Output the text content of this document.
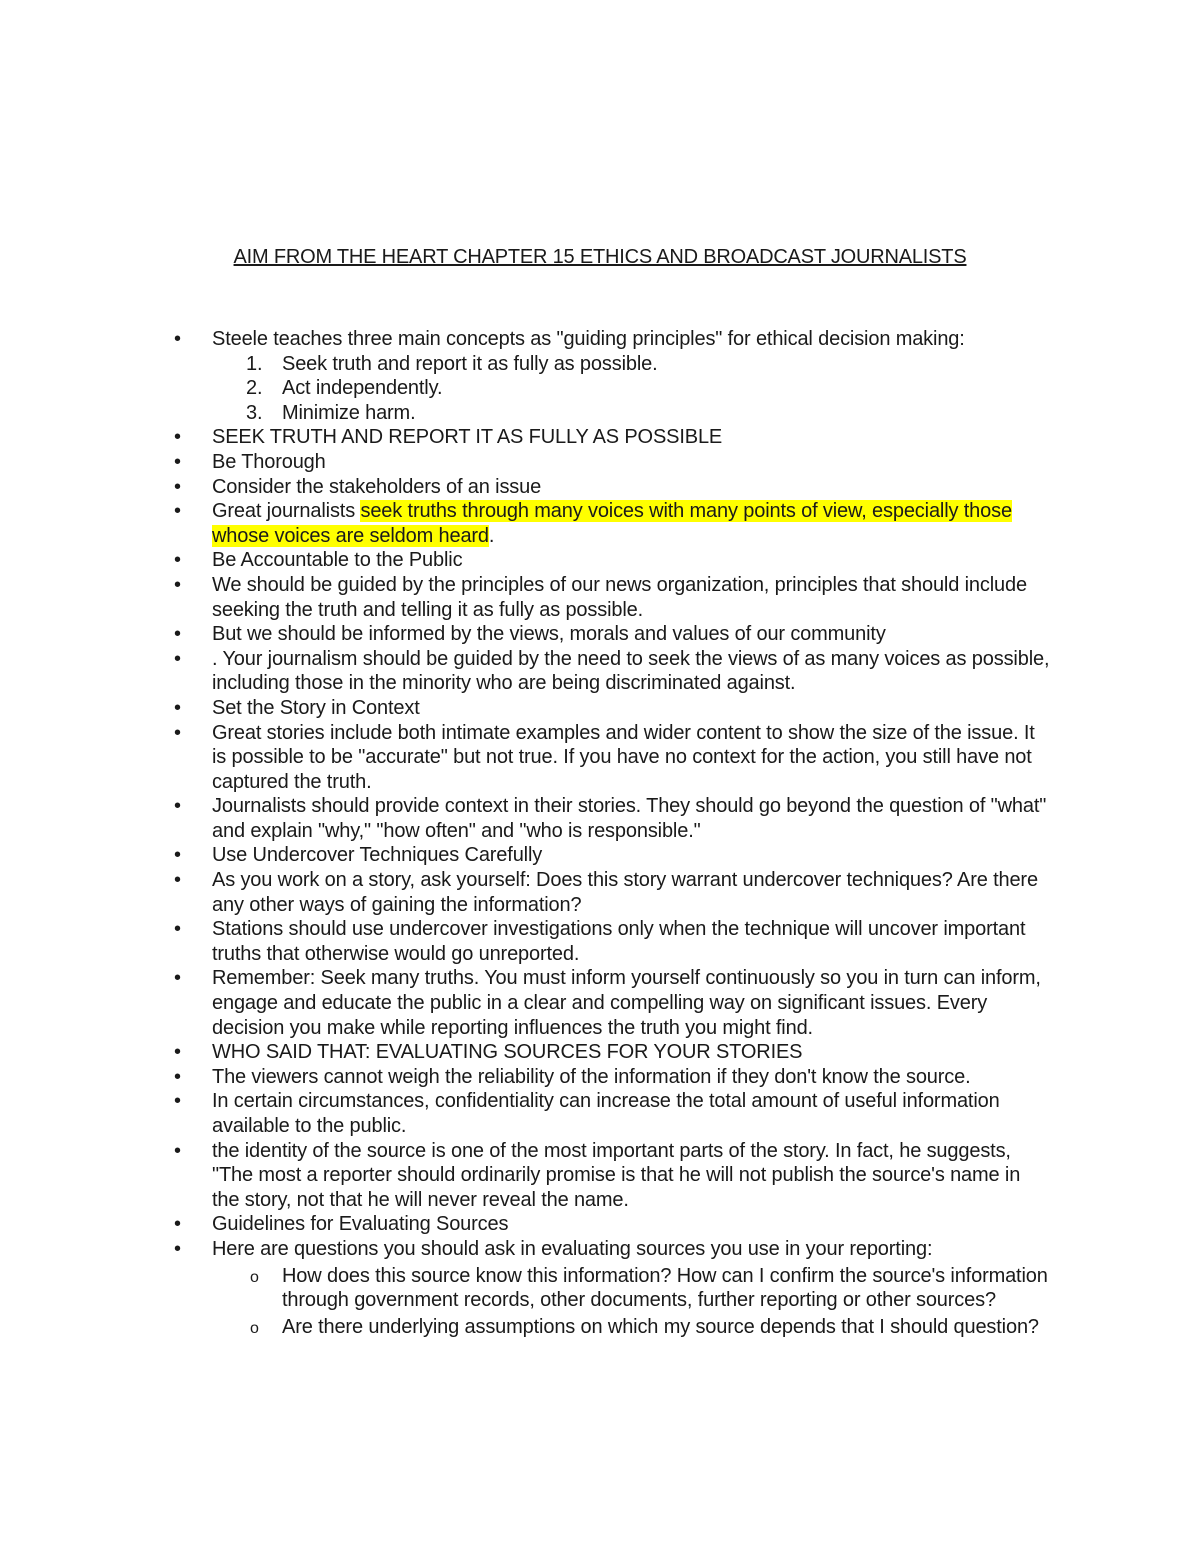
AIM FROM THE HEART CHAPTER 15 ETHICS AND BROADCAST JOURNALISTS
•	Steele teaches three main concepts as "guiding principles" for ethical decision making:
1. Seek truth and report it as fully as possible.
2. Act independently.
3. Minimize harm.
•	SEEK TRUTH AND REPORT IT AS FULLY AS POSSIBLE
•	Be Thorough
•	Consider the stakeholders of an issue
•	Great journalists seek truths through many voices with many points of view, especially those whose voices are seldom heard.
•	Be Accountable to the Public
•	We should be guided by the principles of our news organization, principles that should include seeking the truth and telling it as fully as possible.
•	But we should be informed by the views, morals and values of our community
•	. Your journalism should be guided by the need to seek the views of as many voices as possible, including those in the minority who are being discriminated against.
•	Set the Story in Context
•	Great stories include both intimate examples and wider content to show the size of the issue. It is possible to be "accurate" but not true. If you have no context for the action, you still have not captured the truth.
•	Journalists should provide context in their stories. They should go beyond the question of "what" and explain "why," "how often" and "who is responsible."
•	Use Undercover Techniques Carefully
•	As you work on a story, ask yourself: Does this story warrant undercover techniques? Are there any other ways of gaining the information?
•	Stations should use undercover investigations only when the technique will uncover important truths that otherwise would go unreported.
•	Remember: Seek many truths. You must inform yourself continuously so you in turn can inform, engage and educate the public in a clear and compelling way on significant issues. Every decision you make while reporting influences the truth you might find.
•	WHO SAID THAT: EVALUATING SOURCES FOR YOUR STORIES
•	The viewers cannot weigh the reliability of the information if they don't know the source.
•	In certain circumstances, confidentiality can increase the total amount of useful information available to the public.
•	the identity of the source is one of the most important parts of the story. In fact, he suggests, "The most a reporter should ordinarily promise is that he will not publish the source's name in the story, not that he will never reveal the name.
•	Guidelines for Evaluating Sources
•	Here are questions you should ask in evaluating sources you use in your reporting:
o How does this source know this information? How can I confirm the source's information through government records, other documents, further reporting or other sources?
o Are there underlying assumptions on which my source depends that I should question?
